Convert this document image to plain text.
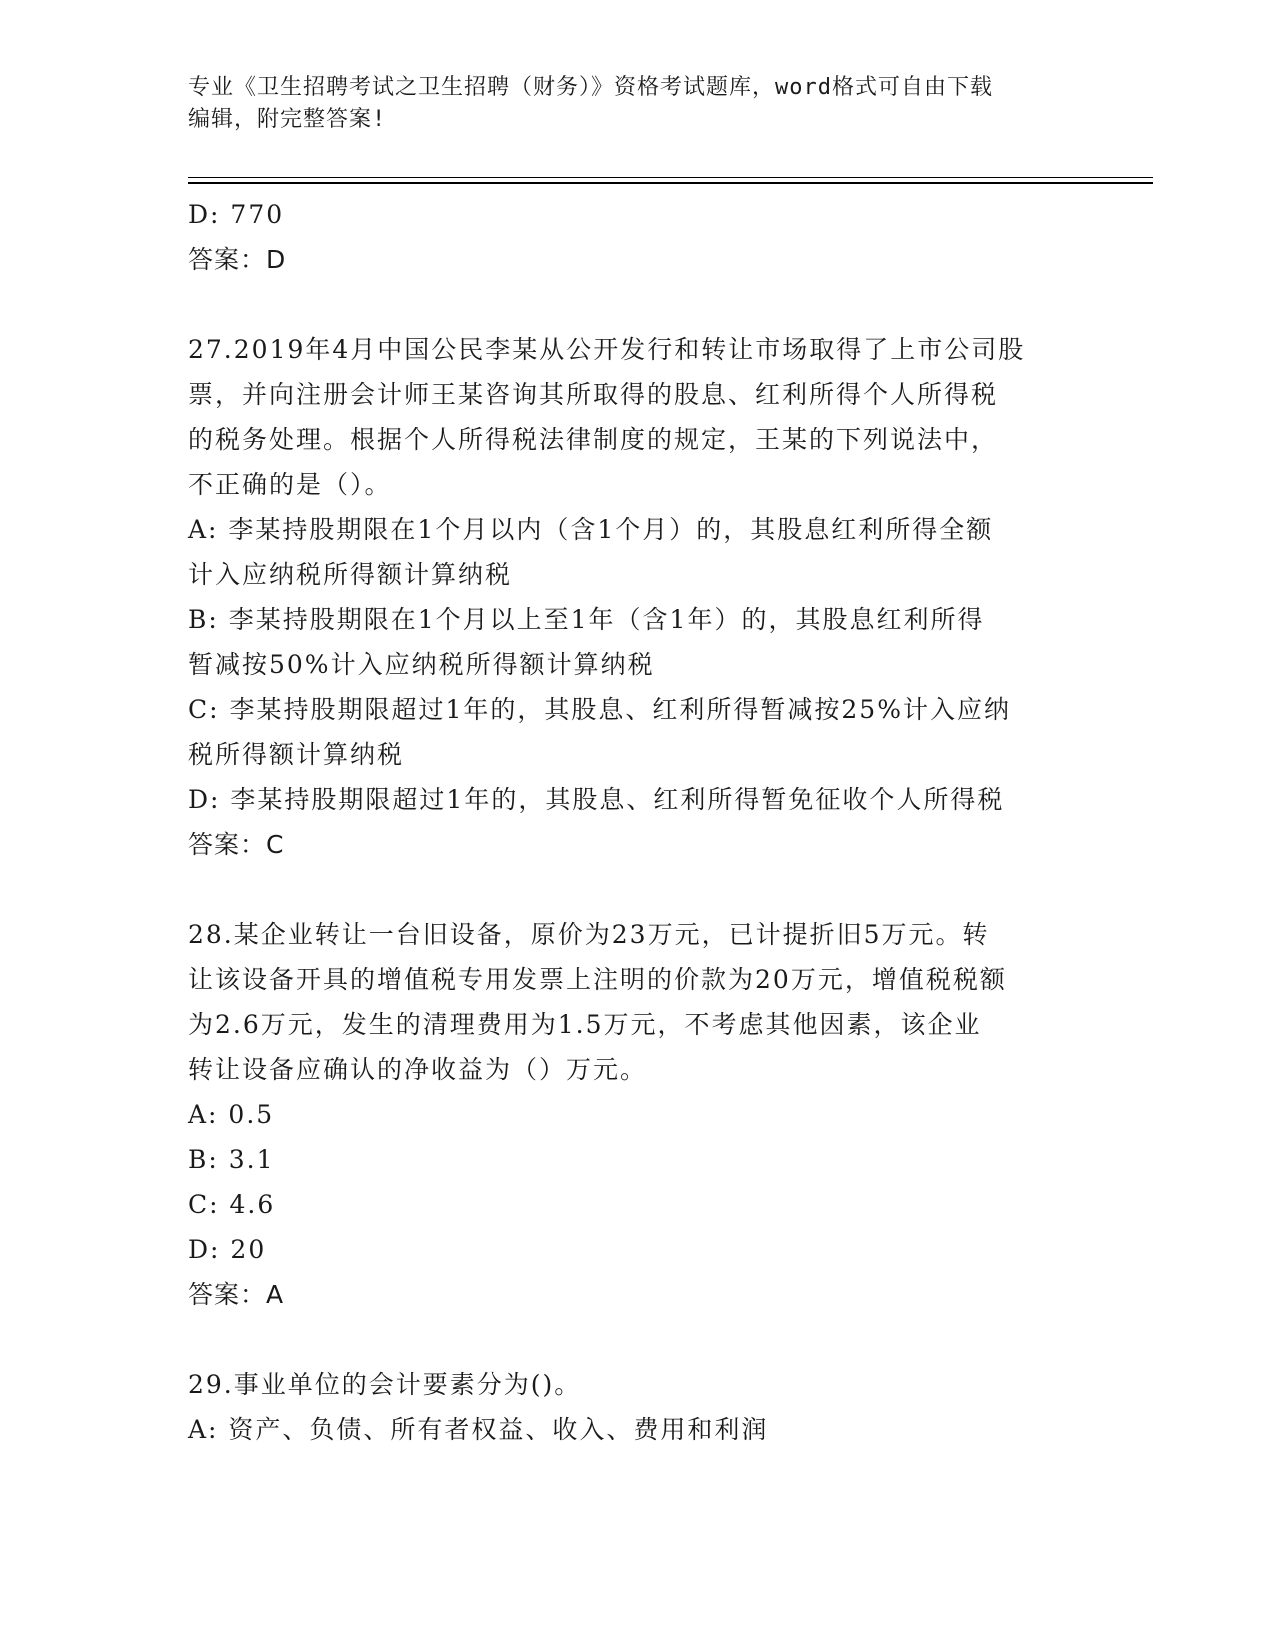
专业《卫生招聘考试之卫生招聘（财务）》资格考试题库，word格式可自由下载
编辑，附完整答案!
D: 770
答案：D
27.2019年4月中国公民李某从公开发行和转让市场取得了上市公司股
票，并向注册会计师王某咨询其所取得的股息、红利所得个人所得税
的税务处理。根据个人所得税法律制度的规定，王某的下列说法中，
不正确的是（）。
A: 李某持股期限在1个月以内（含1个月）的，其股息红利所得全额
计入应纳税所得额计算纳税
B: 李某持股期限在1个月以上至1年（含1年）的，其股息红利所得
暂减按50%计入应纳税所得额计算纳税
C: 李某持股期限超过1年的，其股息、红利所得暂减按25%计入应纳
税所得额计算纳税
D: 李某持股期限超过1年的，其股息、红利所得暂免征收个人所得税
答案：C
28.某企业转让一台旧设备，原价为23万元，已计提折旧5万元。转
让该设备开具的增值税专用发票上注明的价款为20万元，增值税税额
为2.6万元，发生的清理费用为1.5万元，不考虑其他因素，该企业
转让设备应确认的净收益为（）万元。
A: 0.5
B: 3.1
C: 4.6
D: 20
答案：A
29.事业单位的会计要素分为()。
A: 资产、负债、所有者权益、收入、费用和利润
